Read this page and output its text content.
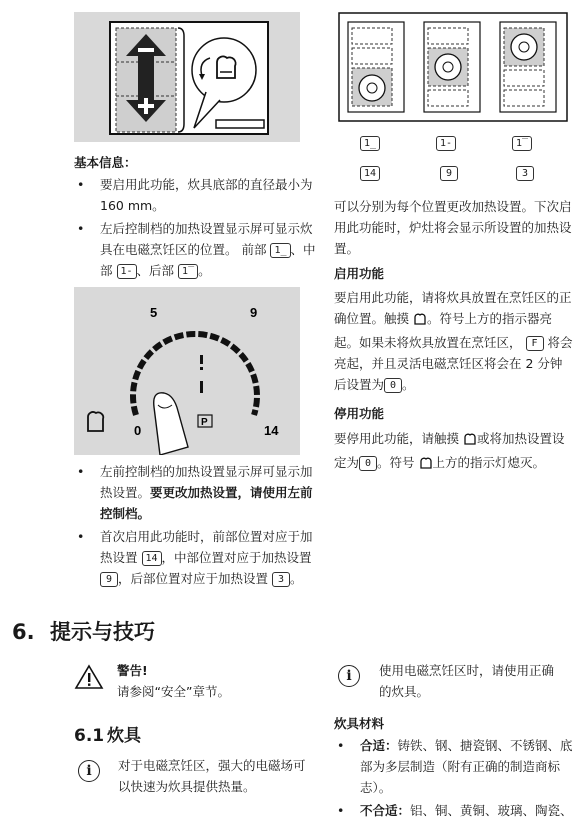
基本信息：
• 要启用此功能，炊具底部的直径最小为 160 mm。
• 左后控制档的加热设置显示屏可显示炊具在电磁烹饪区的位置。 前部 1_ 、中部 1- 、后部 1‾ 。
5	9
0	14
P
• 左前控制档的加热设置显示屏可显示加热设置。要更改加热设置，请使用左前控制档。
• 首次启用此功能时，前部位置对应于加热设置 14 ，中部位置对应于加热设置 9 ，后部位置对应于加热设置 3 。
1_	1-	1‾
14	9	3
可以分别为每个位置更改加热设置。下次启用此功能时，炉灶将会显示所设置的加热设置。
启用功能
要启用此功能，请将炊具放置在烹饪区的正确位置。触摸 。符号上方的指示器亮起。如果未将炊具放置在烹饪区， F 将会亮起，并且灵活电磁烹饪区将会在 2 分钟后设置为 0 。
停用功能
要停用此功能，请触摸 或将加热设置设定为 0 。符号 上方的指示灯熄灭。
6. 提示与技巧
警告!
请参阅“安全”章节。
6.1 炊具
i	对于电磁烹饪区，强大的电磁场可以快速为炊具提供热量。
i	使用电磁烹饪区时，请使用正确的炊具。
炊具材料
• 合适：铸铁、钢、搪瓷钢、不锈钢、底部为多层制造（附有正确的制造商标志）。
• 不合适：铝、铜、黄铜、玻璃、陶瓷、
